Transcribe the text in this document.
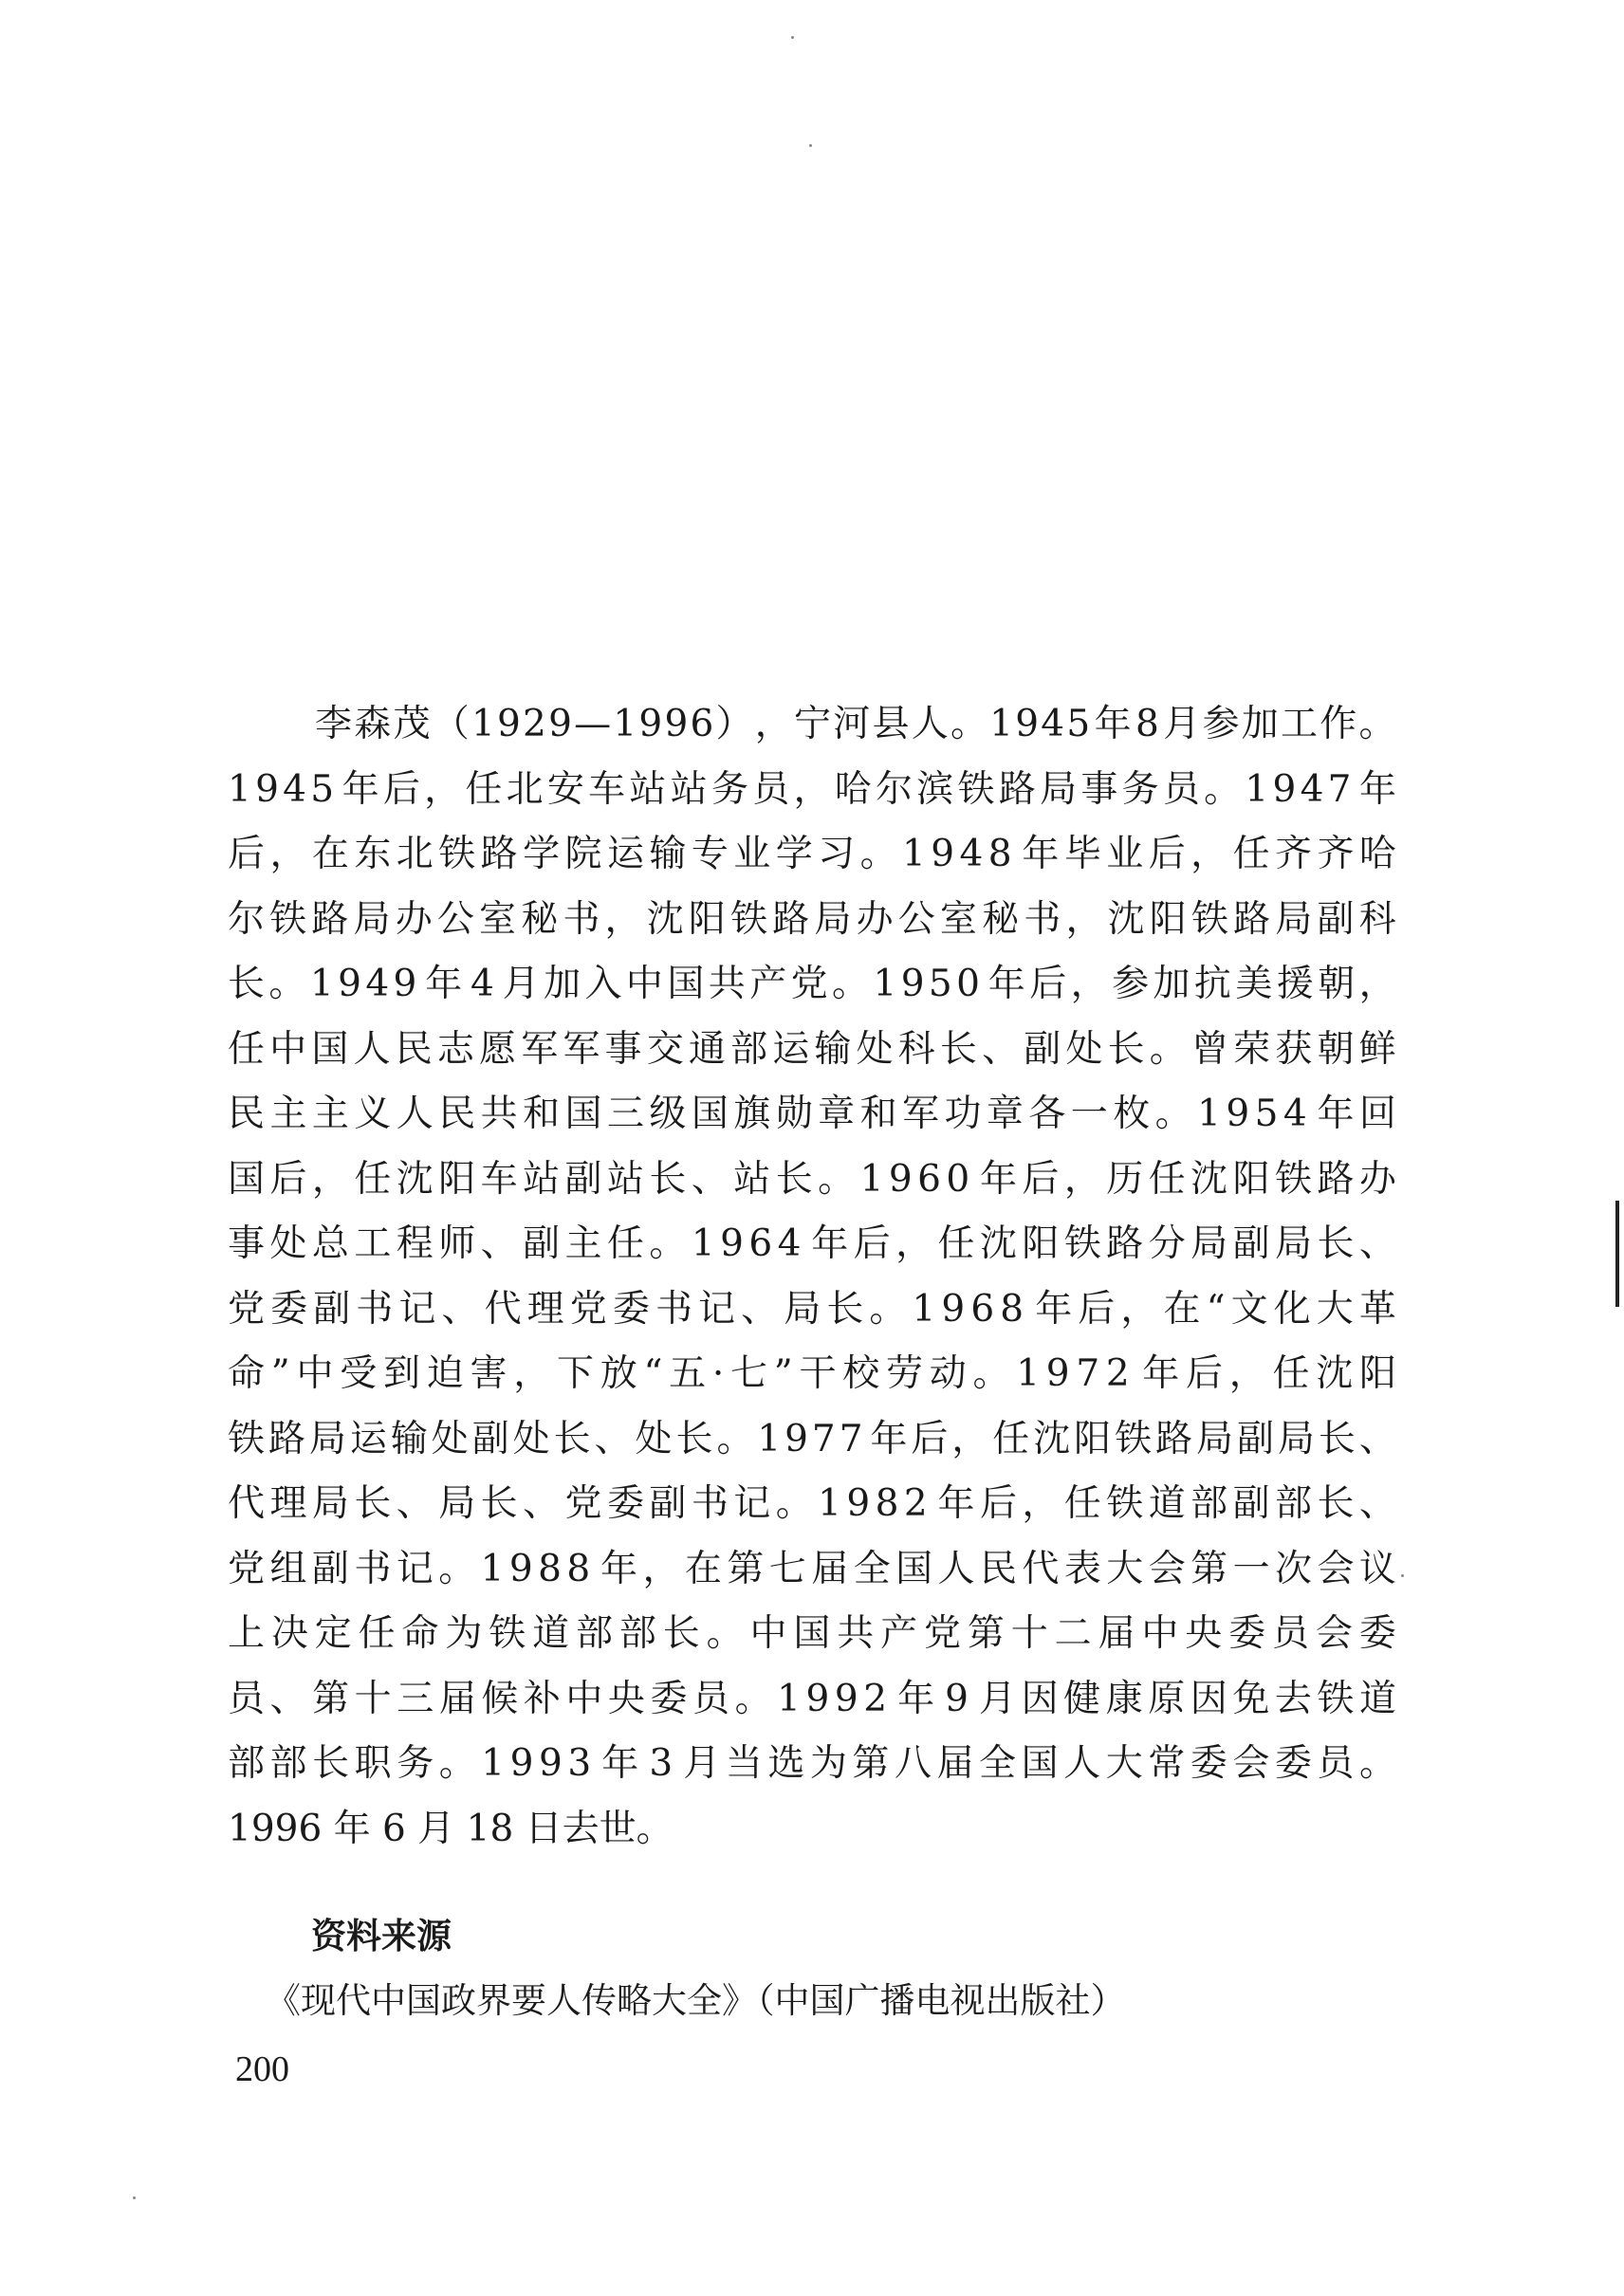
李 森 茂 （ 1 9 2 9 — 1 9 9 6 ） ， 宁 河 县 人 。 1 9 4 5 年 8 月 参 加 工 作 。
1 9 4 5 年 后 ， 任 北 安 车 站 站 务 员 ， 哈 尔 滨 铁 路 局 事 务 员 。 1 9 4 7 年
后 ， 在 东 北 铁 路 学 院 运 输 专 业 学 习 。 1 9 4 8 年 毕 业 后 ， 任 齐 齐 哈
尔 铁 路 局 办 公 室 秘 书 ， 沈 阳 铁 路 局 办 公 室 秘 书 ， 沈 阳 铁 路 局 副 科
长 。 1 9 4 9 年 4 月 加 入 中 国 共 产 党 。 1 9 5 0 年 后 ， 参 加 抗 美 援 朝 ，
任 中 国 人 民 志 愿 军 军 事 交 通 部 运 输 处 科 长 、 副 处 长 。 曾 荣 获 朝 鲜
民 主 主 义 人 民 共 和 国 三 级 国 旗 勋 章 和 军 功 章 各 一 枚 。 1 9 5 4 年 回
国 后 ， 任 沈 阳 车 站 副 站 长 、 站 长 。 1 9 6 0 年 后 ， 历 任 沈 阳 铁 路 办
事 处 总 工 程 师 、 副 主 任 。 1 9 6 4 年 后 ， 任 沈 阳 铁 路 分 局 副 局 长 、
党 委 副 书 记 、 代 理 党 委 书 记 、 局 长 。 1 9 6 8 年 后 ， 在 “ 文 化 大 革
命 ” 中 受 到 迫 害 ， 下 放 “ 五 · 七 ” 干 校 劳 动 。 1 9 7 2 年 后 ， 任 沈 阳
铁 路 局 运 输 处 副 处 长 、 处 长 。 1 9 7 7 年 后 ， 任 沈 阳 铁 路 局 副 局 长 、
代 理 局 长 、 局 长 、 党 委 副 书 记 。 1 9 8 2 年 后 ， 任 铁 道 部 副 部 长 、
党 组 副 书 记 。 1 9 8 8 年 ， 在 第 七 届 全 国 人 民 代 表 大 会 第 一 次 会 议
上 决 定 任 命 为 铁 道 部 部 长 。 中 国 共 产 党 第 十 二 届 中 央 委 员 会 委
员 、 第 十 三 届 候 补 中 央 委 员 。 1 9 9 2 年 9 月 因 健 康 原 因 免 去 铁 道
部 部 长 职 务 。 1 9 9 3 年 3 月 当 选 为 第 八 届 全 国 人 大 常 委 会 委 员 。
1996 年 6 月 18 日去世。
资料来源
《现代中国政界要人传略大全》（中国广播电视出版社）
200
